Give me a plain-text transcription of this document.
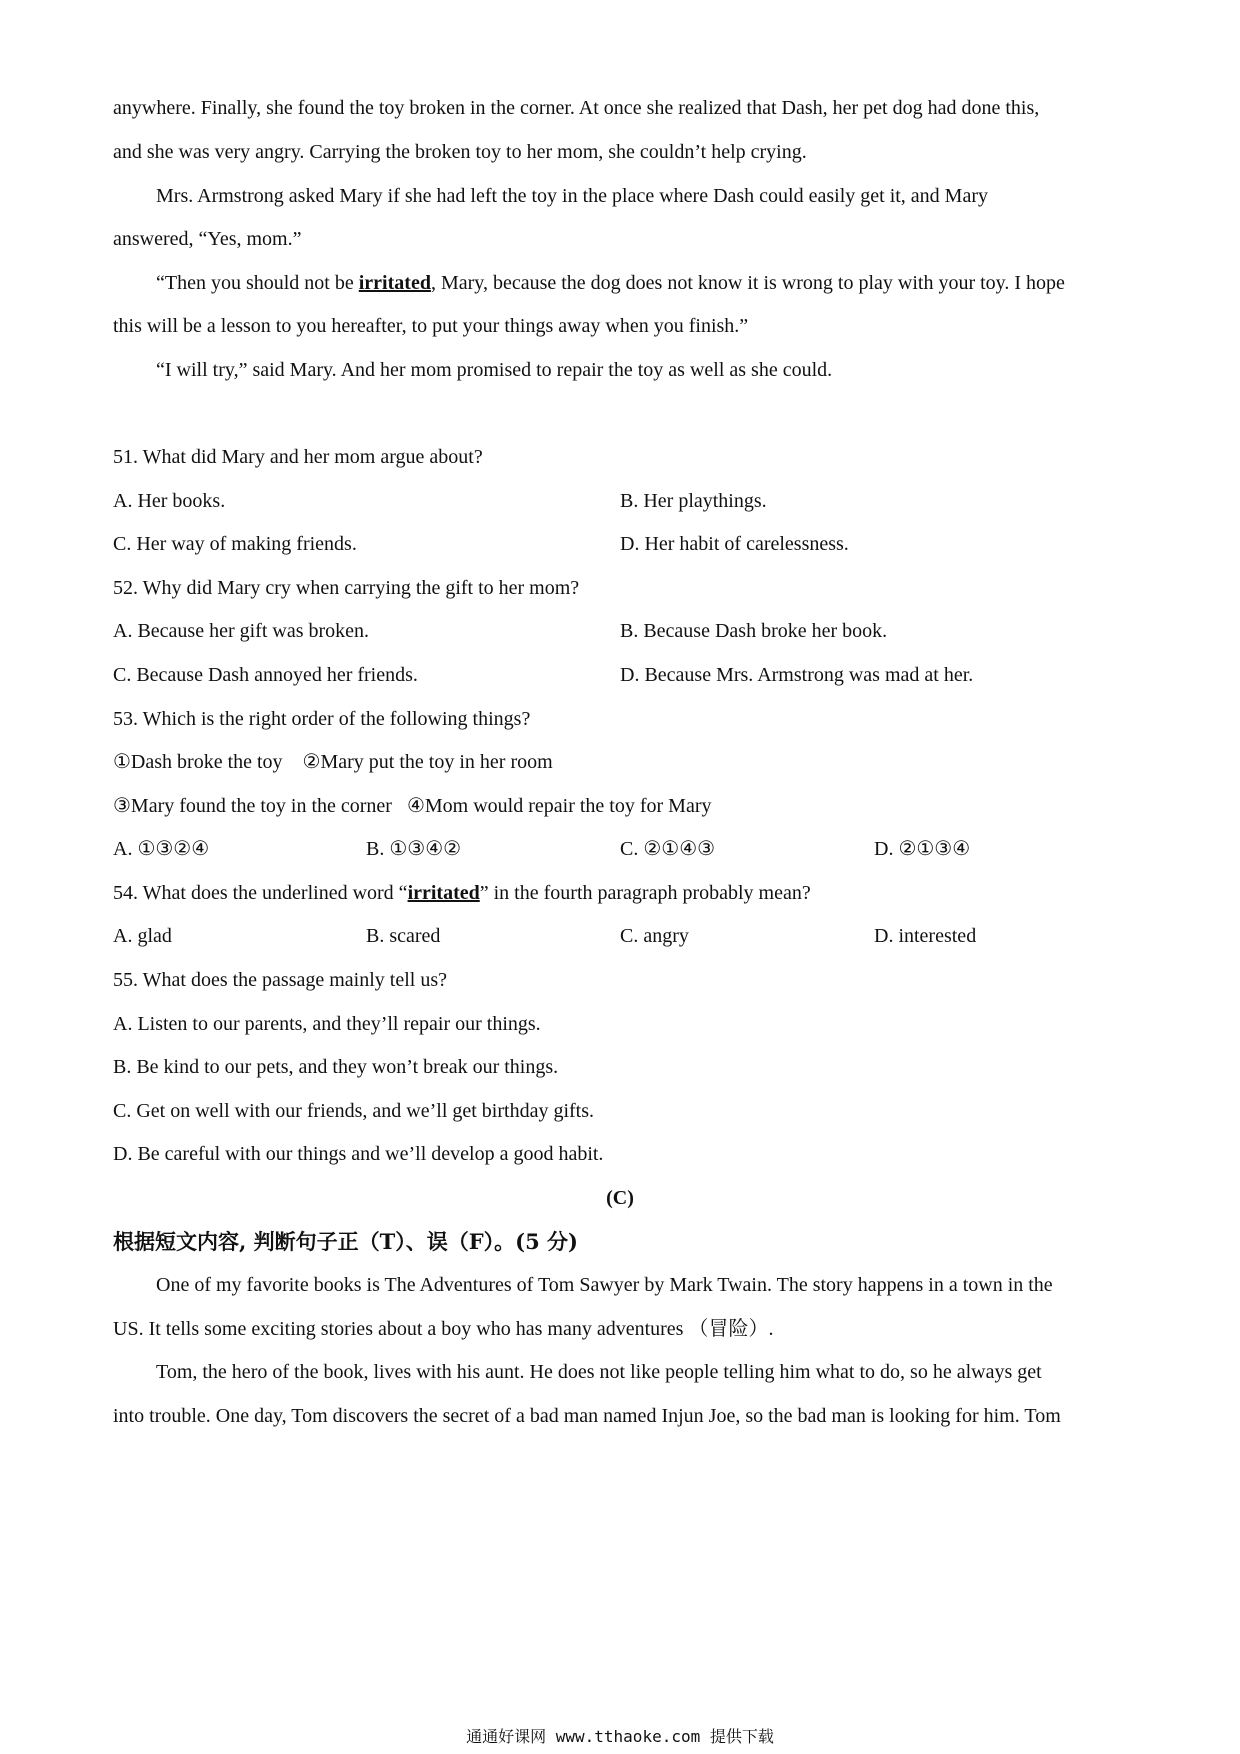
anywhere. Finally, she found the toy broken in the corner. At once she realized that Dash, her pet dog had done this,
and she was very angry. Carrying the broken toy to her mom, she couldn’t help crying.
Mrs. Armstrong asked Mary if she had left the toy in the place where Dash could easily get it, and Mary
answered, “Yes, mom.”
“Then you should not be irritated, Mary, because the dog does not know it is wrong to play with your toy. I hope
this will be a lesson to you hereafter, to put your things away when you finish.”
“I will try,” said Mary. And her mom promised to repair the toy as well as she could.
51. What did Mary and her mom argue about?
A. Her books.	B. Her playthings.
C. Her way of making friends.	D. Her habit of carelessness.
52. Why did Mary cry when carrying the gift to her mom?
A. Because her gift was broken.	B. Because Dash broke her book.
C. Because Dash annoyed her friends.	D. Because Mrs. Armstrong was mad at her.
53. Which is the right order of the following things?
①Dash broke the toy    ②Mary put the toy in her room
③Mary found the toy in the corner   ④Mom would repair the toy for Mary
A. ①③②④	B. ①③④②	C. ②①④③	D. ②①③④
54. What does the underlined word “irritated” in the fourth paragraph probably mean?
A. glad	B. scared	C. angry	D. interested
55. What does the passage mainly tell us?
A. Listen to our parents, and they’ll repair our things.
B. Be kind to our pets, and they won’t break our things.
C. Get on well with our friends, and we’ll get birthday gifts.
D. Be careful with our things and we’ll develop a good habit.
(C)
根据短文内容, 判断句子正（T）、误（F）。(5 分)
One of my favorite books is The Adventures of Tom Sawyer by Mark Twain. The story happens in a town in the
US. It tells some exciting stories about a boy who has many adventures （冒险）.
Tom, the hero of the book, lives with his aunt. He does not like people telling him what to do, so he always get
into trouble. One day, Tom discovers the secret of a bad man named Injun Joe, so the bad man is looking for him. Tom
通通好课网 www.tthaoke.com 提供下载
